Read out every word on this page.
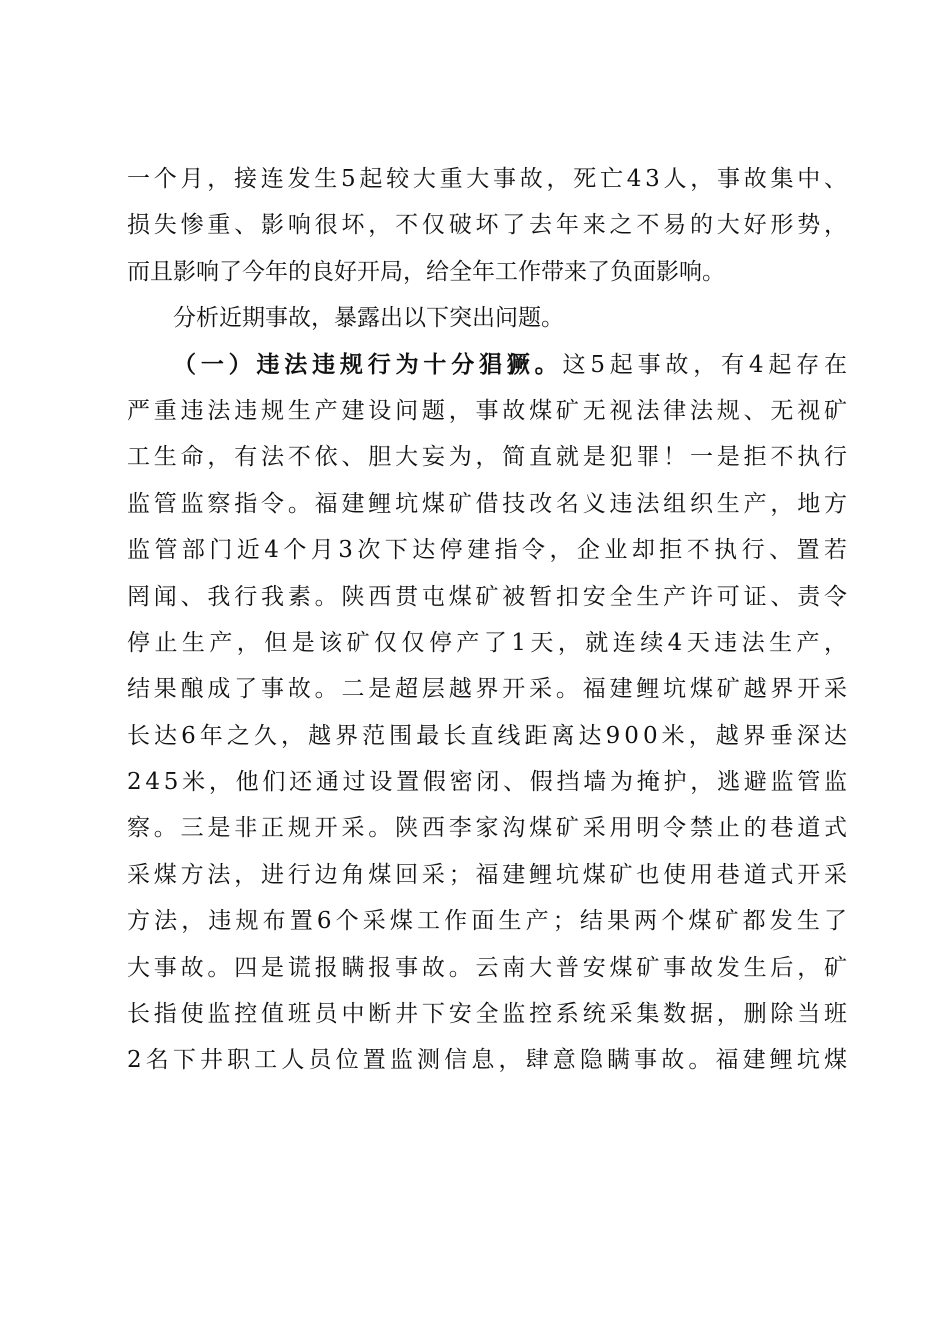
一个月，接连发生5起较大重大事故，死亡43人，事故集中、
损失惨重、影响很坏，不仅破坏了去年来之不易的大好形势，
而且影响了今年的良好开局，给全年工作带来了负面影响。
分析近期事故，暴露出以下突出问题。
（一）违法违规行为十分猖獗。这5起事故，有4起存在
严重违法违规生产建设问题，事故煤矿无视法律法规、无视矿
工生命，有法不依、胆大妄为，简直就是犯罪！一是拒不执行
监管监察指令。福建鲤坑煤矿借技改名义违法组织生产，地方
监管部门近4个月3次下达停建指令，企业却拒不执行、置若
罔闻、我行我素。陕西贯屯煤矿被暂扣安全生产许可证、责令
停止生产，但是该矿仅仅停产了1天，就连续4天违法生产，
结果酿成了事故。二是超层越界开采。福建鲤坑煤矿越界开采
长达6年之久，越界范围最长直线距离达900米，越界垂深达
245米，他们还通过设置假密闭、假挡墙为掩护，逃避监管监
察。三是非正规开采。陕西李家沟煤矿采用明令禁止的巷道式
采煤方法，进行边角煤回采；福建鲤坑煤矿也使用巷道式开采
方法，违规布置6个采煤工作面生产；结果两个煤矿都发生了
大事故。四是谎报瞒报事故。云南大普安煤矿事故发生后，矿
长指使监控值班员中断井下安全监控系统采集数据，删除当班
2名下井职工人员位置监测信息，肆意隐瞒事故。福建鲤坑煤
